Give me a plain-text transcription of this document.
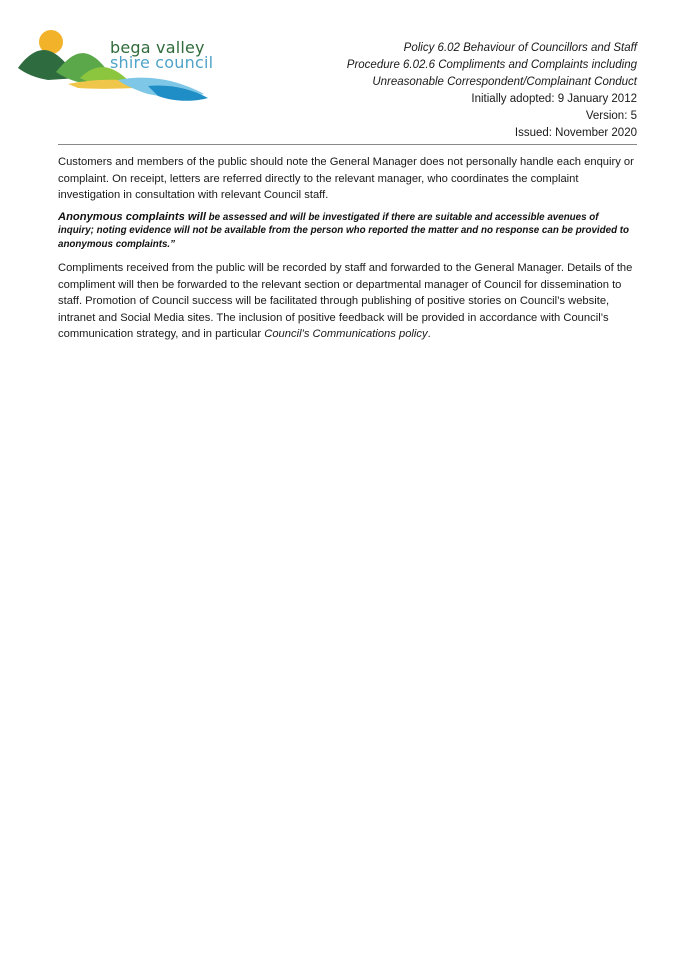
bega valley
shire council
Policy 6.02 Behaviour of Councillors and Staff
Procedure 6.02.6 Compliments and Complaints including
Unreasonable Correspondent/Complainant Conduct
Initially adopted: 9 January 2012
Version: 5
Issued: November 2020

Customers and members of the public should note the General Manager does not personally handle each enquiry or complaint. On receipt, letters are referred directly to the relevant manager, who coordinates the complaint investigation in consultation with relevant Council staff.

Anonymous complaints will be assessed and will be investigated if there are suitable and accessible avenues of inquiry; noting evidence will not be available from the person who reported the matter and no response can be provided to anonymous complaints.”

Compliments received from the public will be recorded by staff and forwarded to the General Manager. Details of the compliment will then be forwarded to the relevant section or departmental manager of Council for dissemination to staff. Promotion of Council success will be facilitated through publishing of positive stories on Council’s website, intranet and Social Media sites. The inclusion of positive feedback will be provided in accordance with Council’s communication strategy, and in particular Council’s Communications policy.
